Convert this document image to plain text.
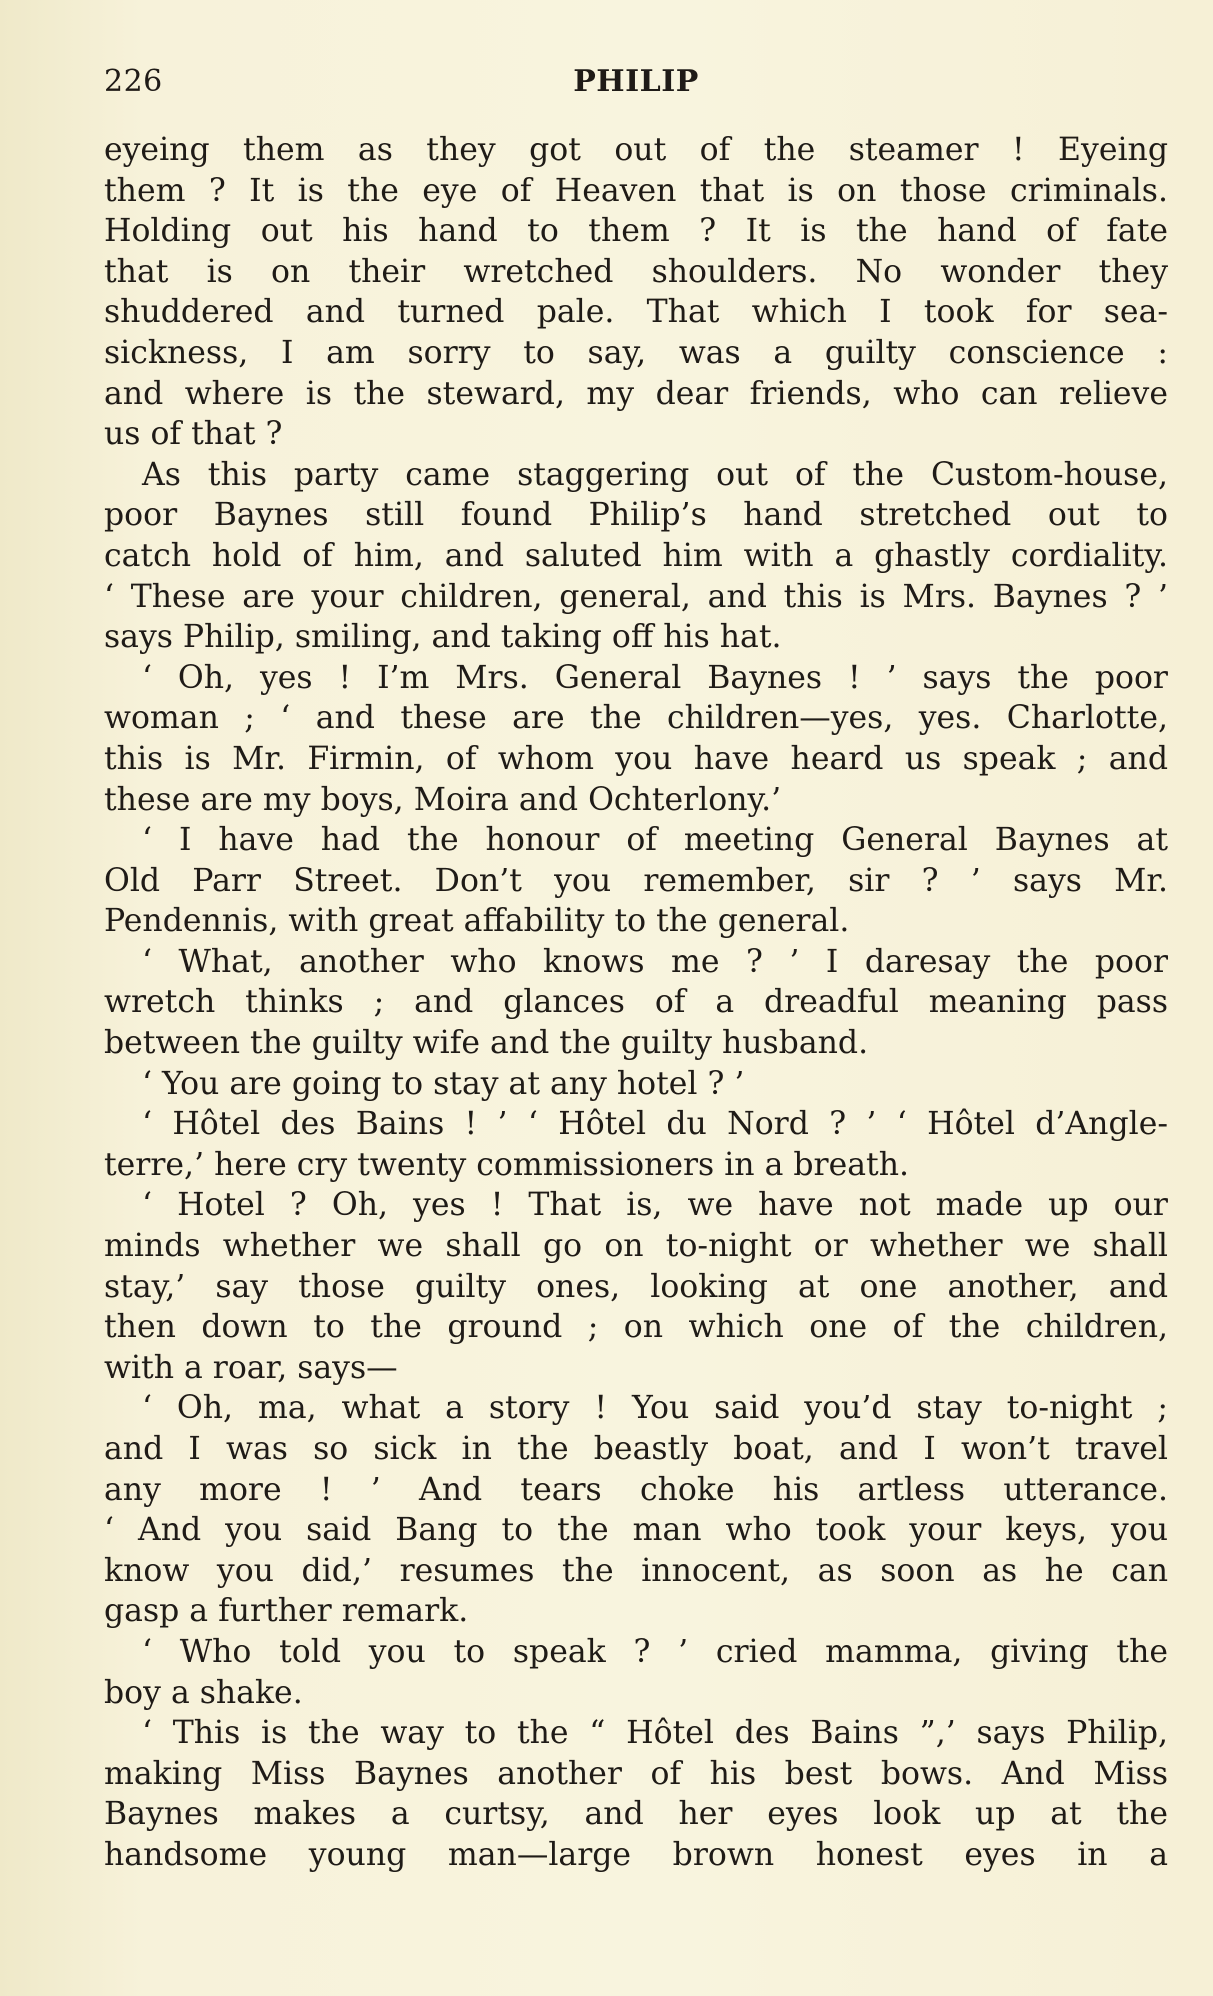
226	PHILIP
eyeing them as they got out of the steamer ! Eyeing
them ? It is the eye of Heaven that is on those criminals.
Holding out his hand to them ? It is the hand of fate
that is on their wretched shoulders. No wonder they
shuddered and turned pale. That which I took for sea-
sickness, I am sorry to say, was a guilty conscience :
and where is the steward, my dear friends, who can relieve
us of that ?
As this party came staggering out of the Custom-house,
poor Baynes still found Philip’s hand stretched out to
catch hold of him, and saluted him with a ghastly cordiality.
‘ These are your children, general, and this is Mrs. Baynes ? ’
says Philip, smiling, and taking off his hat.
‘ Oh, yes ! I’m Mrs. General Baynes ! ’ says the poor
woman ; ‘ and these are the children—yes, yes. Charlotte,
this is Mr. Firmin, of whom you have heard us speak ; and
these are my boys, Moira and Ochterlony.’
‘ I have had the honour of meeting General Baynes at
Old Parr Street. Don’t you remember, sir ? ’ says Mr.
Pendennis, with great affability to the general.
‘ What, another who knows me ? ’ I daresay the poor
wretch thinks ; and glances of a dreadful meaning pass
between the guilty wife and the guilty husband.
‘ You are going to stay at any hotel ? ’
‘ Hôtel des Bains ! ’ ‘ Hôtel du Nord ? ’ ‘ Hôtel d’Angle-
terre,’ here cry twenty commissioners in a breath.
‘ Hotel ? Oh, yes ! That is, we have not made up our
minds whether we shall go on to-night or whether we shall
stay,’ say those guilty ones, looking at one another, and
then down to the ground ; on which one of the children,
with a roar, says—
‘ Oh, ma, what a story ! You said you’d stay to-night ;
and I was so sick in the beastly boat, and I won’t travel
any more ! ’ And tears choke his artless utterance.
‘ And you said Bang to the man who took your keys, you
know you did,’ resumes the innocent, as soon as he can
gasp a further remark.
‘ Who told you to speak ? ’ cried mamma, giving the
boy a shake.
‘ This is the way to the “ Hôtel des Bains ”,’ says Philip,
making Miss Baynes another of his best bows. And Miss
Baynes makes a curtsy, and her eyes look up at the
handsome young man—large brown honest eyes in a
